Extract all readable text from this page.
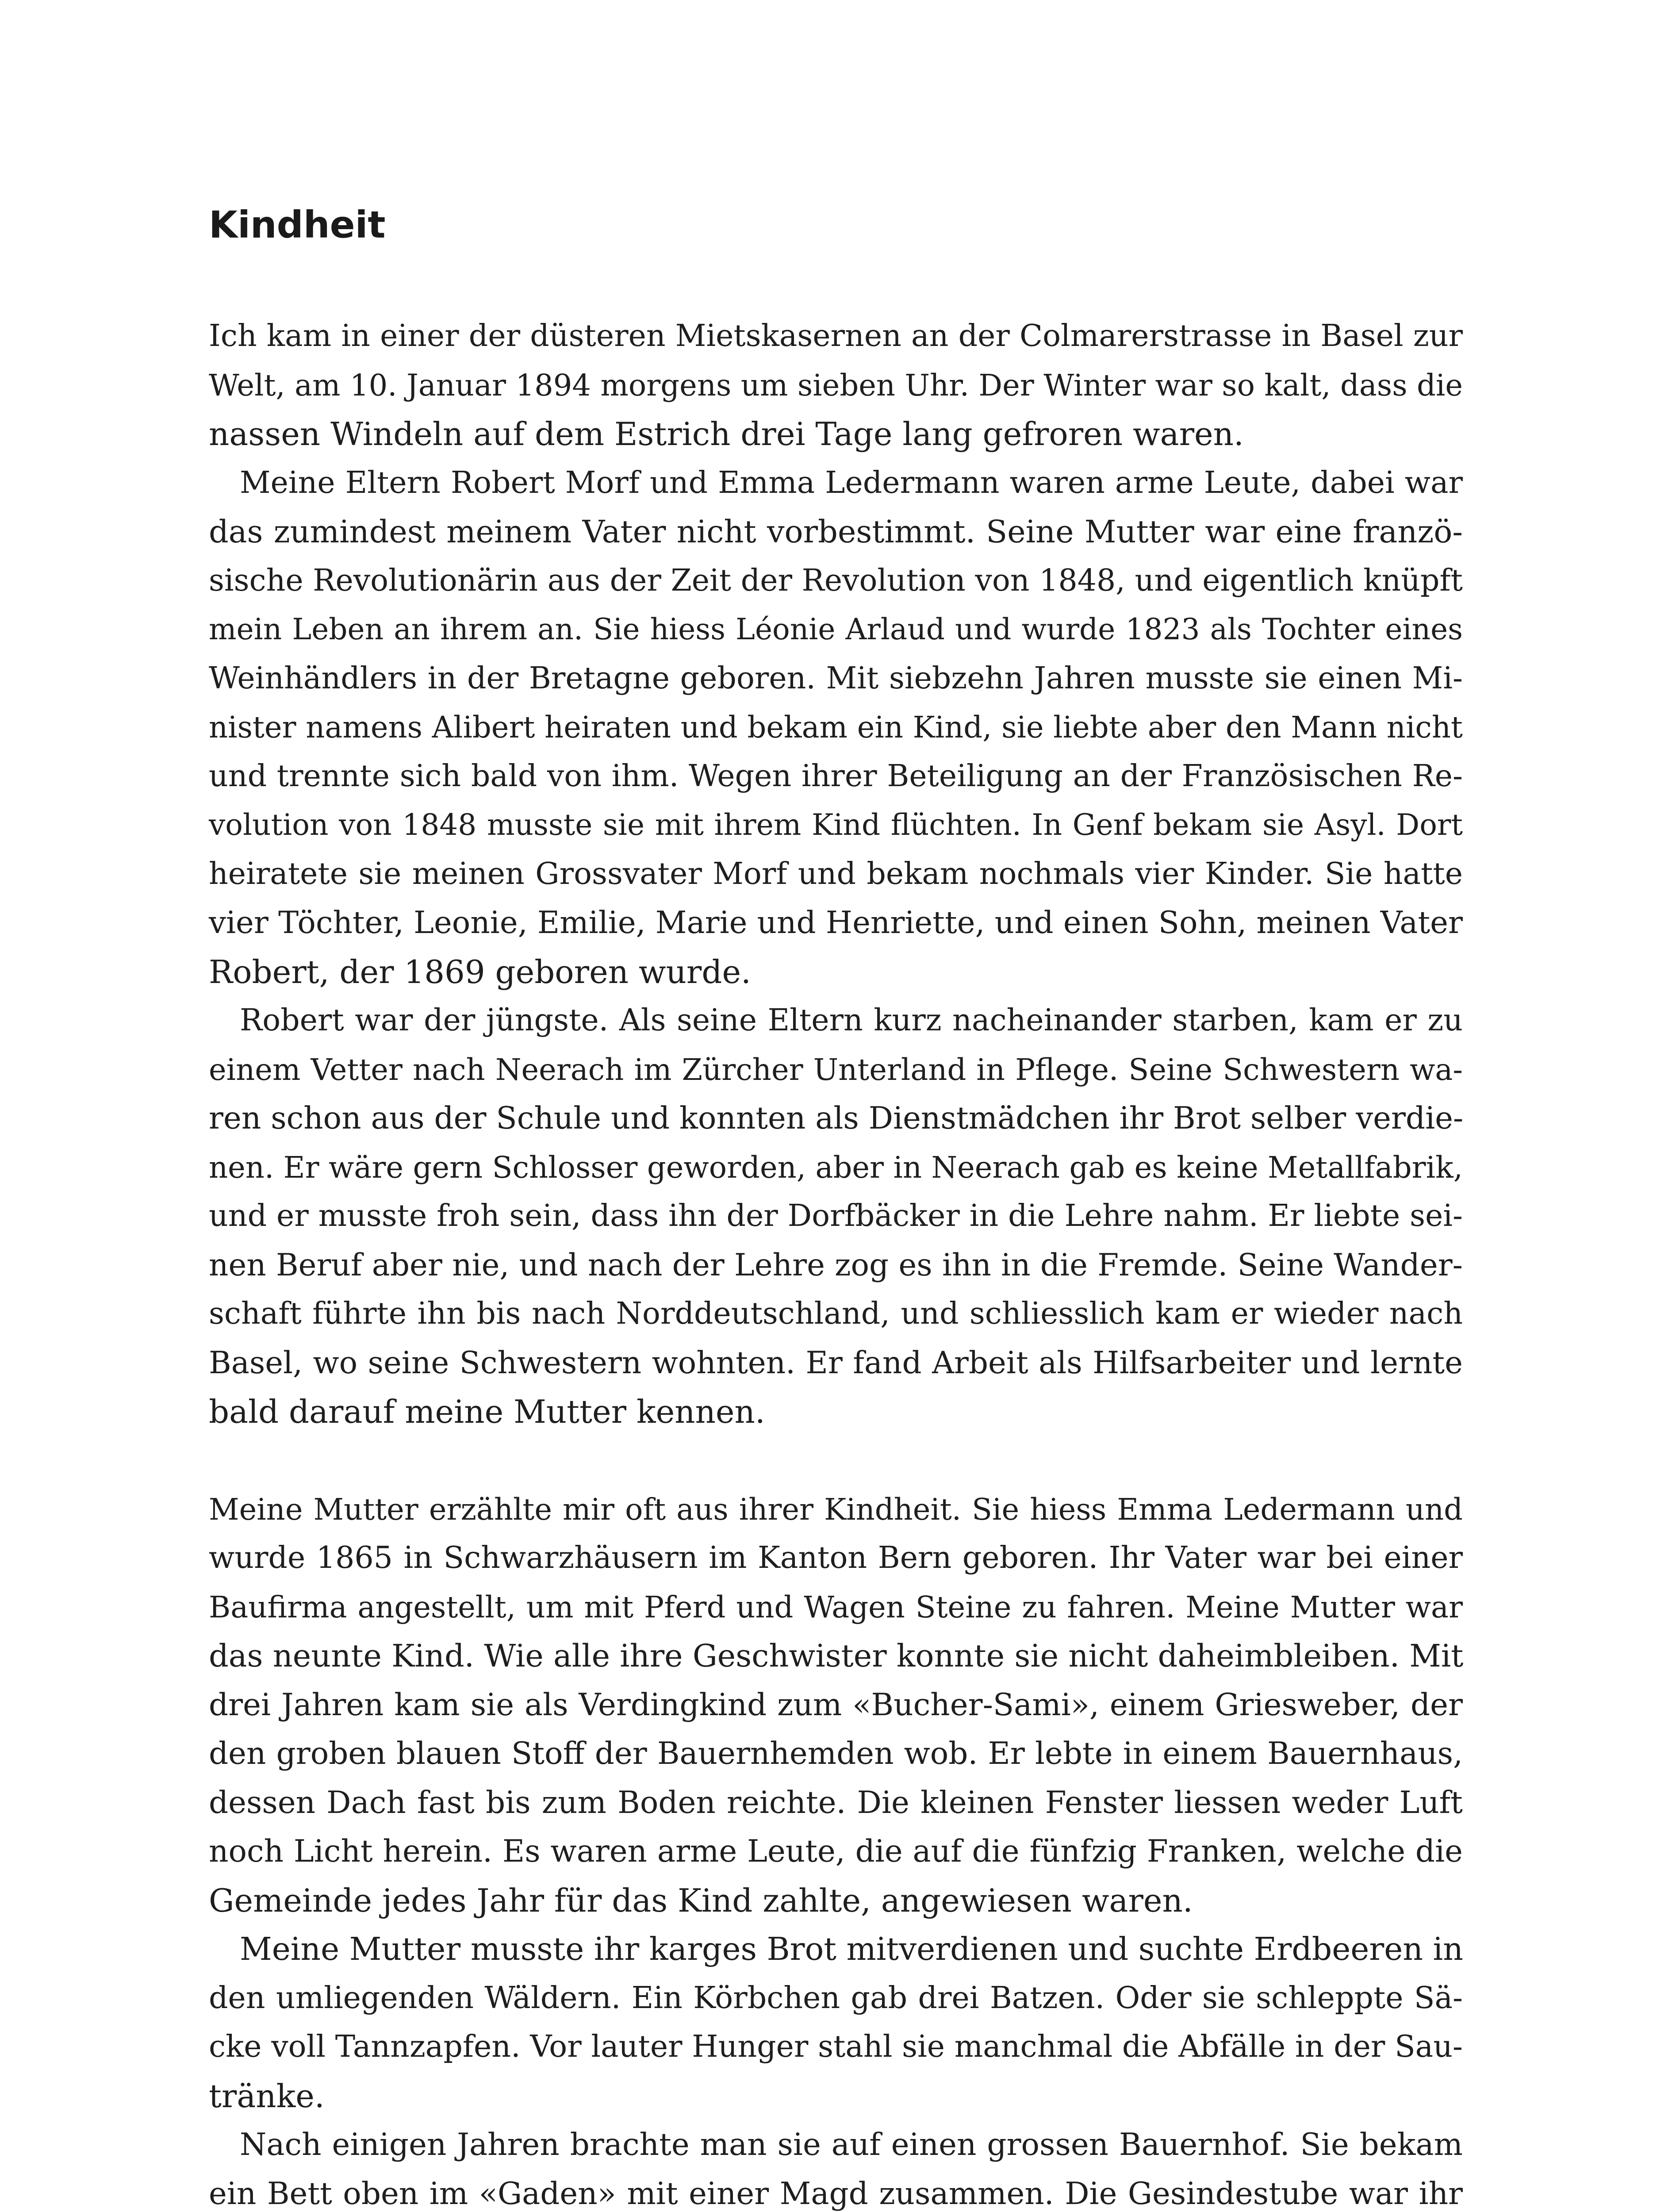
Kindheit
Ich kam in einer der düsteren Mietskasernen an der Colmarerstrasse in Basel zur
Welt, am 10. Januar 1894 morgens um sieben Uhr. Der Winter war so kalt, dass die
nassen Windeln auf dem Estrich drei Tage lang gefroren waren.
Meine Eltern Robert Morf und Emma Ledermann waren arme Leute, dabei war
das zumindest meinem Vater nicht vorbestimmt. Seine Mutter war eine franzö-
sische Revolutionärin aus der Zeit der Revolution von 1848, und eigentlich knüpft
mein Leben an ihrem an. Sie hiess Léonie Arlaud und wurde 1823 als Tochter eines
Weinhändlers in der Bretagne geboren. Mit siebzehn Jahren musste sie einen Mi-
nister namens Alibert heiraten und bekam ein Kind, sie liebte aber den Mann nicht
und trennte sich bald von ihm. Wegen ihrer Beteiligung an der Französischen Re-
volution von 1848 musste sie mit ihrem Kind flüchten. In Genf bekam sie Asyl. Dort
heiratete sie meinen Grossvater Morf und bekam nochmals vier Kinder. Sie hatte
vier Töchter, Leonie, Emilie, Marie und Henriette, und einen Sohn, meinen Vater
Robert, der 1869 geboren wurde.
Robert war der jüngste. Als seine Eltern kurz nacheinander starben, kam er zu
einem Vetter nach Neerach im Zürcher Unterland in Pflege. Seine Schwestern wa-
ren schon aus der Schule und konnten als Dienstmädchen ihr Brot selber verdie-
nen. Er wäre gern Schlosser geworden, aber in Neerach gab es keine Metallfabrik,
und er musste froh sein, dass ihn der Dorfbäcker in die Lehre nahm. Er liebte sei-
nen Beruf aber nie, und nach der Lehre zog es ihn in die Fremde. Seine Wander-
schaft führte ihn bis nach Norddeutschland, und schliesslich kam er wieder nach
Basel, wo seine Schwestern wohnten. Er fand Arbeit als Hilfsarbeiter und lernte
bald darauf meine Mutter kennen.
Meine Mutter erzählte mir oft aus ihrer Kindheit. Sie hiess Emma Ledermann und
wurde 1865 in Schwarzhäusern im Kanton Bern geboren. Ihr Vater war bei einer
Baufirma angestellt, um mit Pferd und Wagen Steine zu fahren. Meine Mutter war
das neunte Kind. Wie alle ihre Geschwister konnte sie nicht daheimbleiben. Mit
drei Jahren kam sie als Verdingkind zum «Bucher-Sami», einem Griesweber, der
den groben blauen Stoff der Bauernhemden wob. Er lebte in einem Bauernhaus,
dessen Dach fast bis zum Boden reichte. Die kleinen Fenster liessen weder Luft
noch Licht herein. Es waren arme Leute, die auf die fünfzig Franken, welche die
Gemeinde jedes Jahr für das Kind zahlte, angewiesen waren.
Meine Mutter musste ihr karges Brot mitverdienen und suchte Erdbeeren in
den umliegenden Wäldern. Ein Körbchen gab drei Batzen. Oder sie schleppte Sä-
cke voll Tannzapfen. Vor lauter Hunger stahl sie manchmal die Abfälle in der Sau-
tränke.
Nach einigen Jahren brachte man sie auf einen grossen Bauernhof. Sie bekam
ein Bett oben im «Gaden» mit einer Magd zusammen. Die Gesindestube war ihr
